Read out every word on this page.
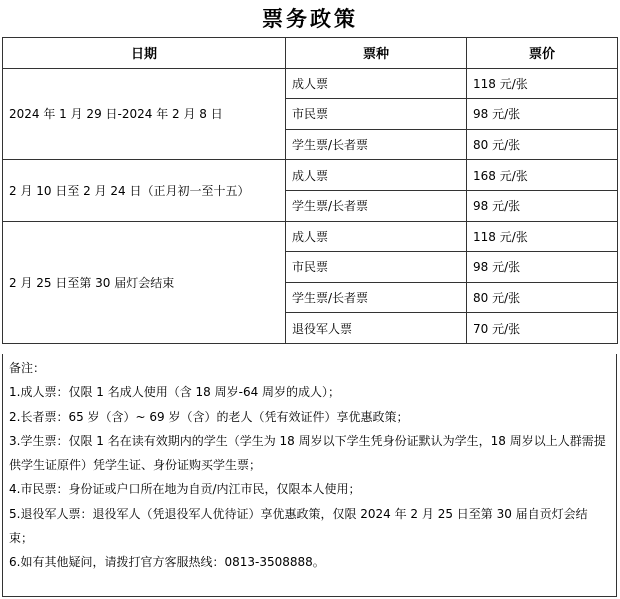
票务政策
日期	票种	票价
2024 年 1 月 29 日-2024 年 2 月 8 日	成人票	118 元/张
	市民票	98 元/张
	学生票/长者票	80 元/张
2 月 10 日至 2 月 24 日（正月初一至十五）	成人票	168 元/张
	学生票/长者票	98 元/张
2 月 25 日至第 30 届灯会结束	成人票	118 元/张
	市民票	98 元/张
	学生票/长者票	80 元/张
	退役军人票	70 元/张
备注：
1.成人票：仅限 1 名成人使用（含 18 周岁-64 周岁的成人）；
2.长者票：65 岁（含）~ 69 岁（含）的老人（凭有效证件）享优惠政策；
3.学生票：仅限 1 名在读有效期内的学生（学生为 18 周岁以下学生凭身份证默认为学生，18 周岁以上人群需提供学生证原件）凭学生证、身份证购买学生票；
4.市民票：身份证或户口所在地为自贡/内江市民，仅限本人使用；
5.退役军人票：退役军人（凭退役军人优待证）享优惠政策，仅限 2024 年 2 月 25 日至第 30 届自贡灯会结束；
6.如有其他疑问，请拨打官方客服热线：0813-3508888。
